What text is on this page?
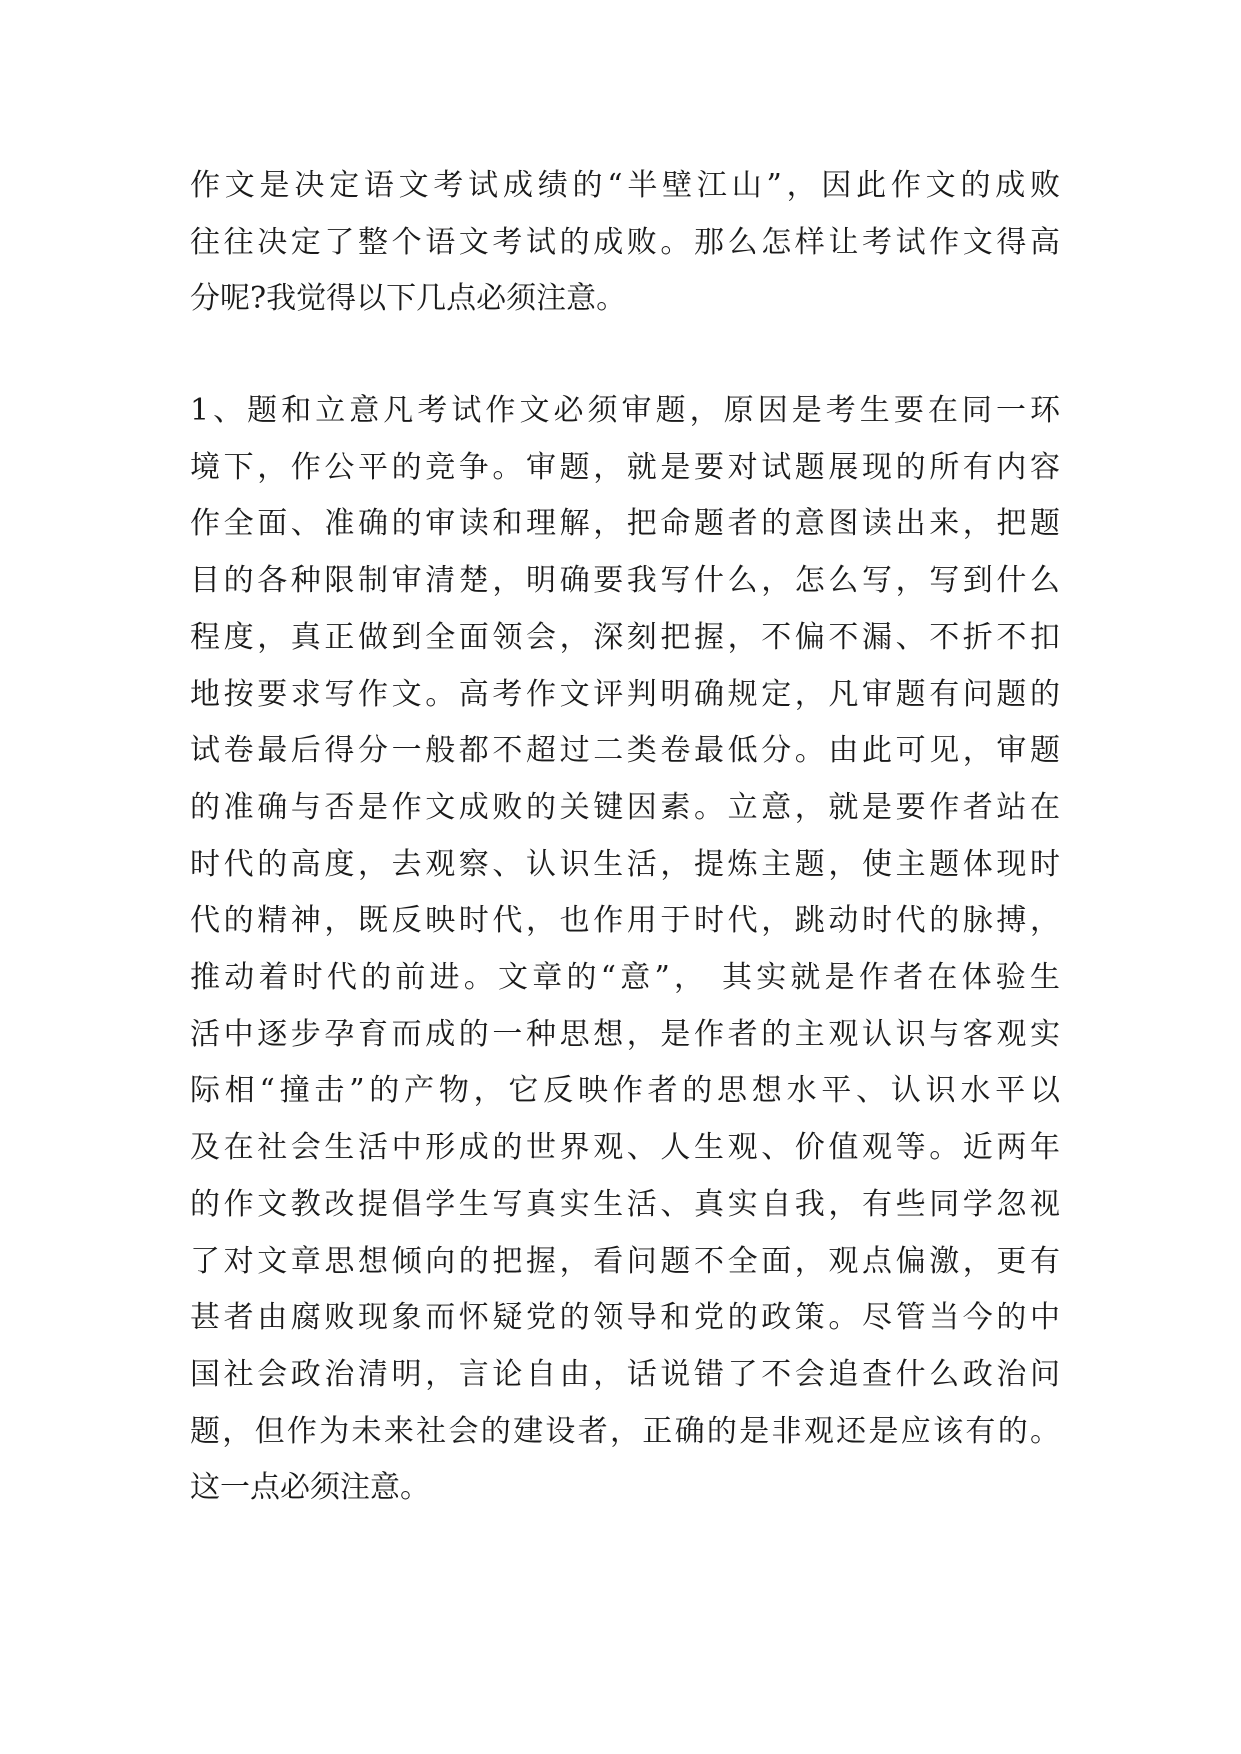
作文是决定语文考试成绩的“半壁江山”，因此作文的成败
往往决定了整个语文考试的成败。那么怎样让考试作文得高
分呢?我觉得以下几点必须注意。
1、题和立意凡考试作文必须审题，原因是考生要在同一环
境下，作公平的竞争。审题，就是要对试题展现的所有内容
作全面、准确的审读和理解，把命题者的意图读出来，把题
目的各种限制审清楚，明确要我写什么，怎么写，写到什么
程度，真正做到全面领会，深刻把握，不偏不漏、不折不扣
地按要求写作文。高考作文评判明确规定，凡审题有问题的
试卷最后得分一般都不超过二类卷最低分。由此可见，审题
的准确与否是作文成败的关键因素。立意，就是要作者站在
时代的高度，去观察、认识生活，提炼主题，使主题体现时
代的精神，既反映时代，也作用于时代，跳动时代的脉搏，
推动着时代的前进。文章的“意”， 其实就是作者在体验生
活中逐步孕育而成的一种思想，是作者的主观认识与客观实
际相“撞击”的产物，它反映作者的思想水平、认识水平以
及在社会生活中形成的世界观、人生观、价值观等。近两年
的作文教改提倡学生写真实生活、真实自我，有些同学忽视
了对文章思想倾向的把握，看问题不全面，观点偏激，更有
甚者由腐败现象而怀疑党的领导和党的政策。尽管当今的中
国社会政治清明，言论自由，话说错了不会追查什么政治问
题，但作为未来社会的建设者，正确的是非观还是应该有的。
这一点必须注意。
